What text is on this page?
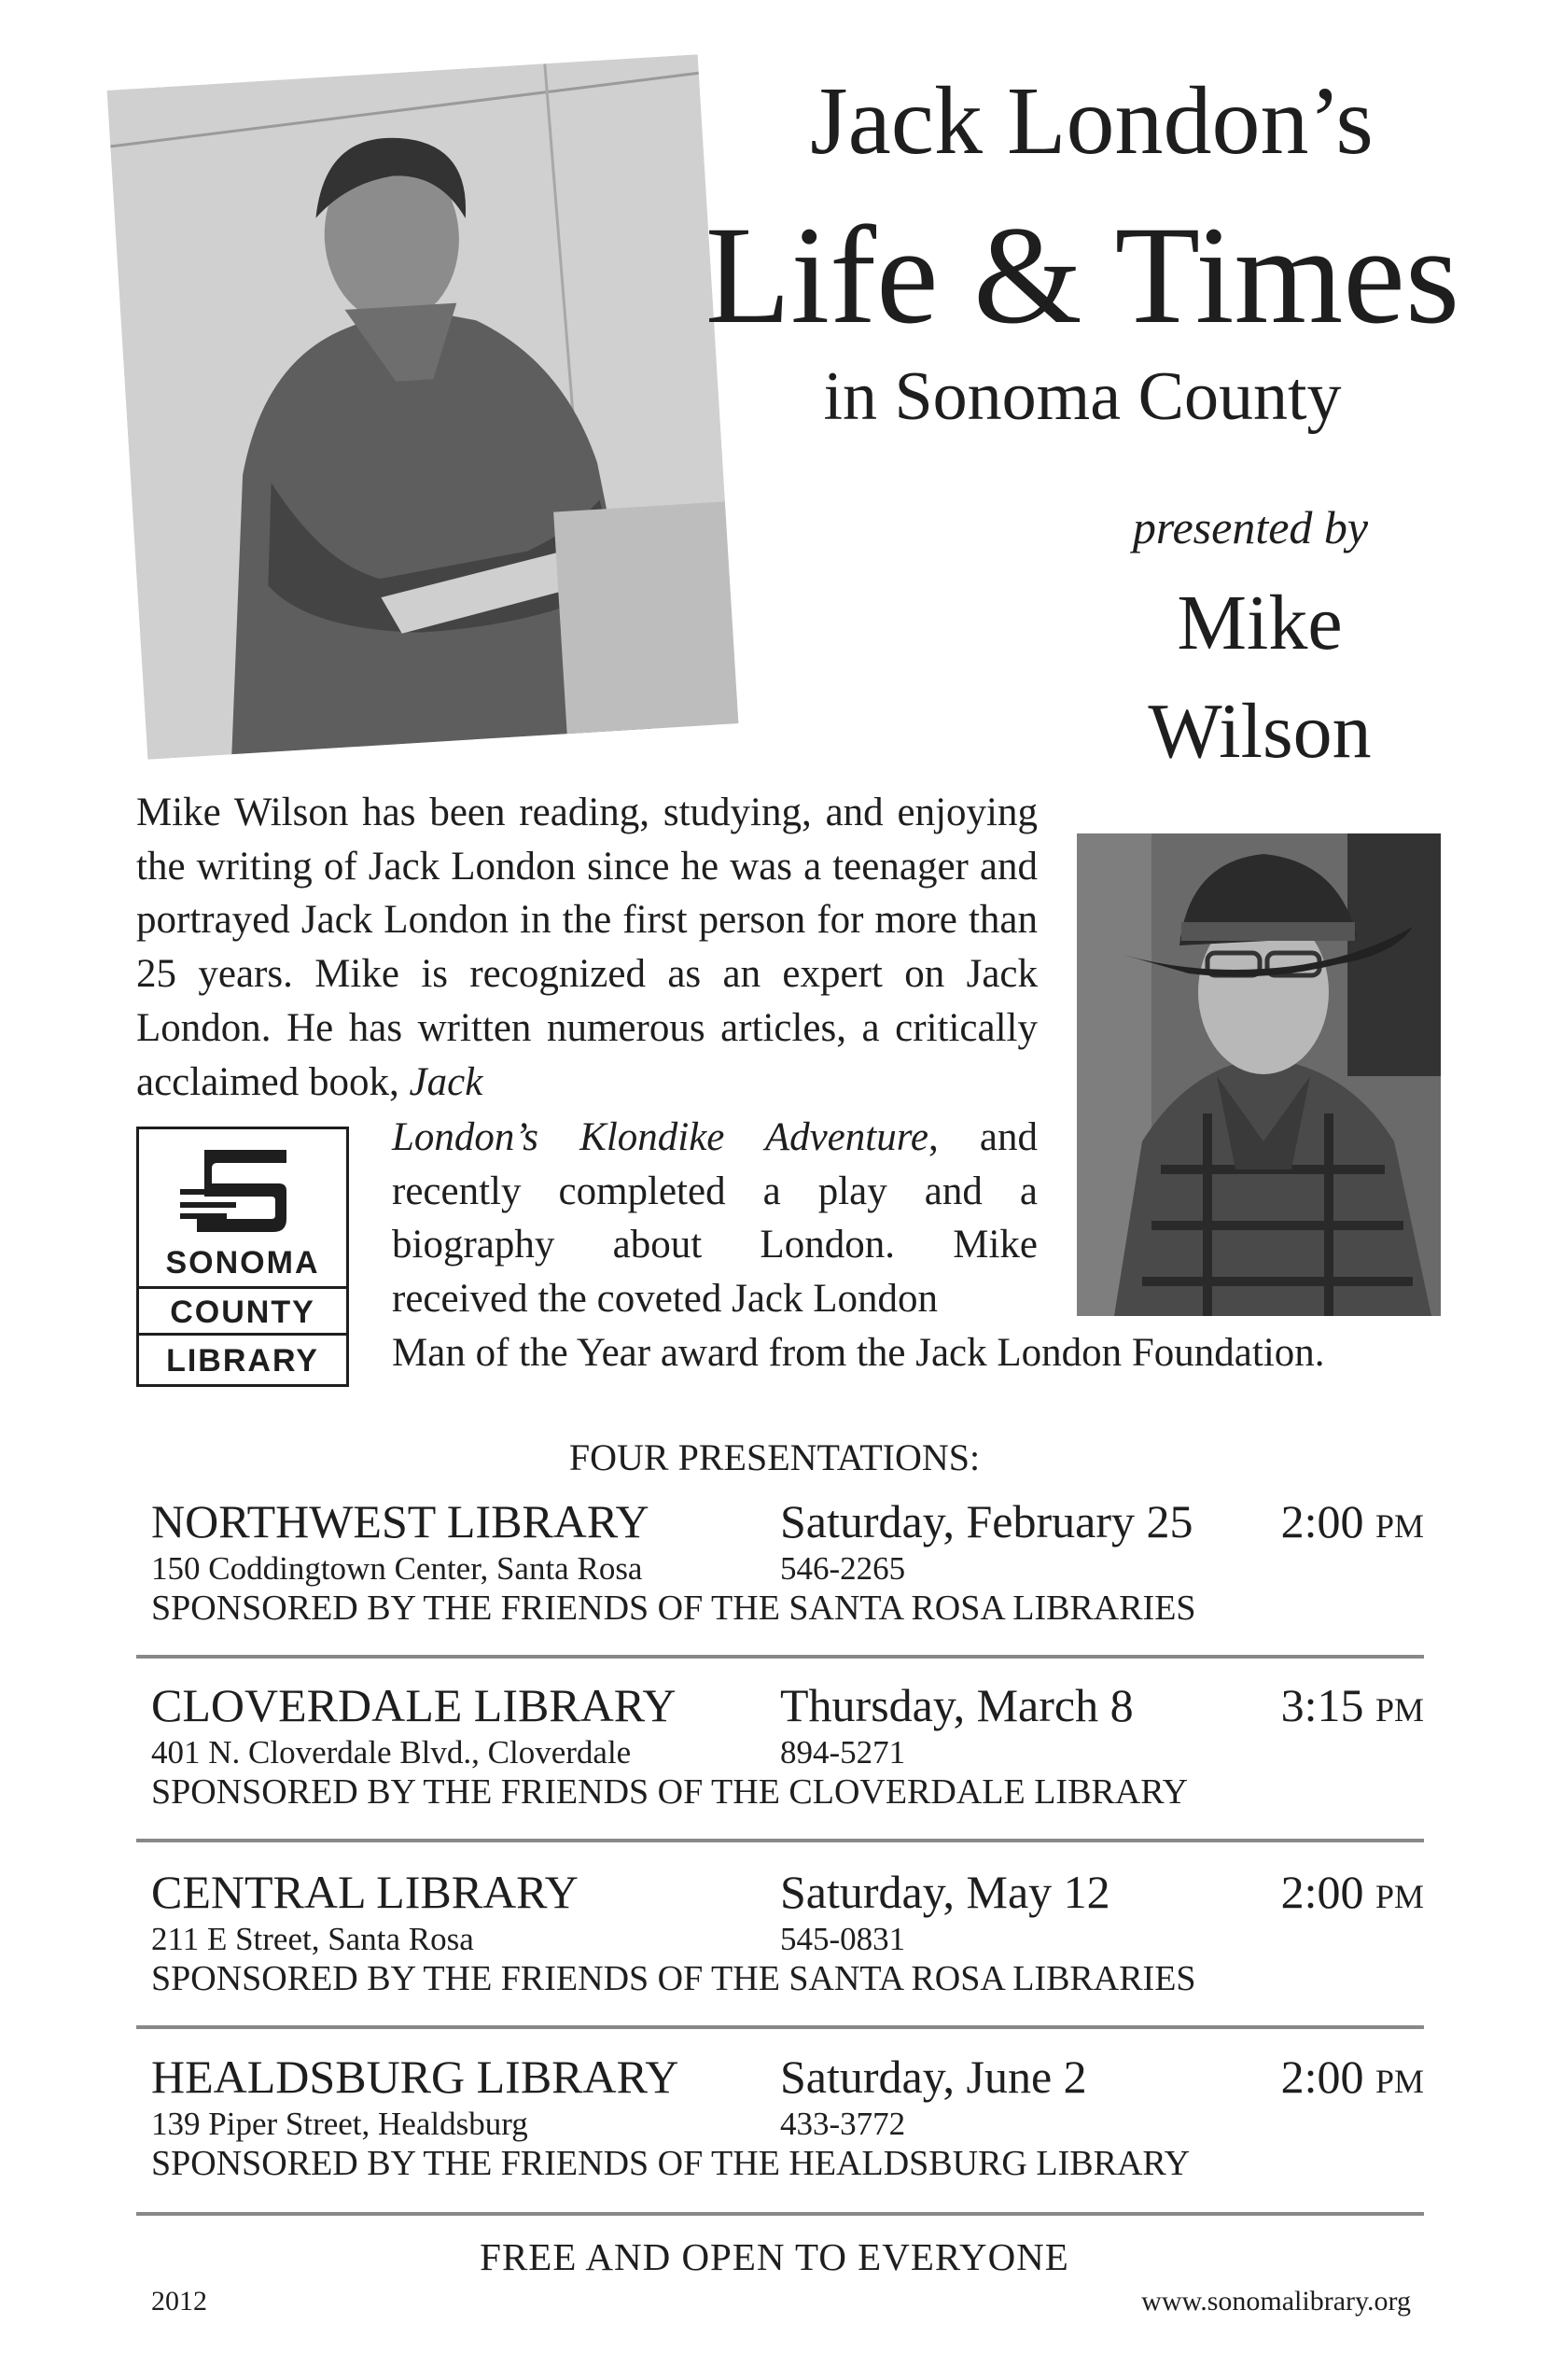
Jack London’s
Life & Times
in Sonoma County
presented by
Mike
Wilson
Mike Wilson has been reading, studying, and enjoying the writing of Jack London since he was a teenager and portrayed Jack London in the first person for more than 25 years. Mike is recognized as an expert on Jack London. He has written numerous articles, a critically acclaimed book, Jack
London’s Klondike Adventure, and recently completed a play and a biography about London. Mike received the coveted Jack London
Man of the Year award from the Jack London Foundation.
SONOMA
COUNTY
LIBRARY
FOUR PRESENTATIONS:
NORTHWEST LIBRARY	Saturday, February 25 2:00 PM
150 Coddingtown Center, Santa Rosa	546-2265
SPONSORED BY THE FRIENDS OF THE SANTA ROSA LIBRARIES
CLOVERDALE LIBRARY Thursday, March 8	3:15 PM
401 N. Cloverdale Blvd., Cloverdale	894-5271
SPONSORED BY THE FRIENDS OF THE CLOVERDALE LIBRARY
CENTRAL LIBRARY	Saturday, May 12	2:00 PM
211 E Street, Santa Rosa	545-0831
SPONSORED BY THE FRIENDS OF THE SANTA ROSA LIBRARIES
HEALDSBURG LIBRARY Saturday, June 2	2:00 PM
139 Piper Street, Healdsburg	433-3772
SPONSORED BY THE FRIENDS OF THE HEALDSBURG LIBRARY
FREE AND OPEN TO EVERYONE
2012	www.sonomalibrary.org
